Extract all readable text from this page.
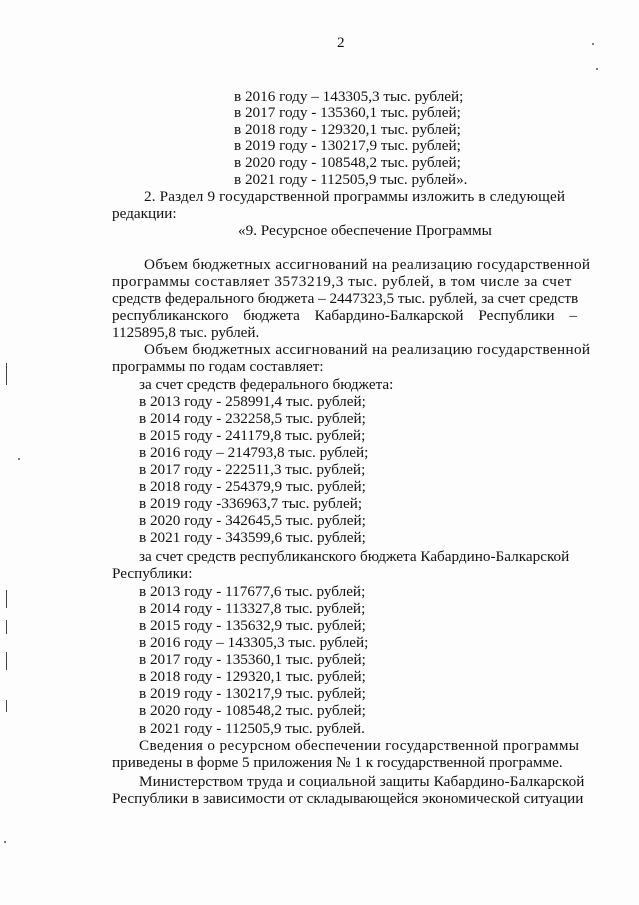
2
в 2016 году – 143305,3 тыс. рублей;
в 2017 году - 135360,1 тыс. рублей;
в 2018 году - 129320,1 тыс. рублей;
в 2019 году - 130217,9 тыс. рублей;
в 2020 году - 108548,2 тыс. рублей;
в 2021 году - 112505,9 тыс. рублей».
2. Раздел 9 государственной программы изложить в следующей
редакции:
«9. Ресурсное обеспечение Программы
Объем бюджетных ассигнований на реализацию государственной
программы составляет 3573219,3 тыс. рублей, в том числе за счет
средств федерального бюджета – 2447323,5 тыс. рублей, за счет средств
республиканского бюджета Кабардино-Балкарской Республики –
1125895,8 тыс. рублей.
Объем бюджетных ассигнований на реализацию государственной
программы по годам составляет:
за счет средств федерального бюджета:
в 2013 году - 258991,4 тыс. рублей;
в 2014 году - 232258,5 тыс. рублей;
в 2015 году - 241179,8 тыс. рублей;
в 2016 году – 214793,8 тыс. рублей;
в 2017 году - 222511,3 тыс. рублей;
в 2018 году - 254379,9 тыс. рублей;
в 2019 году -336963,7 тыс. рублей;
в 2020 году - 342645,5 тыс. рублей;
в 2021 году - 343599,6 тыс. рублей;
за счет средств республиканского бюджета Кабардино-Балкарской
Республики:
в 2013 году - 117677,6 тыс. рублей;
в 2014 году - 113327,8 тыс. рублей;
в 2015 году - 135632,9 тыс. рублей;
в 2016 году – 143305,3 тыс. рублей;
в 2017 году - 135360,1 тыс. рублей;
в 2018 году - 129320,1 тыс. рублей;
в 2019 году - 130217,9 тыс. рублей;
в 2020 году - 108548,2 тыс. рублей;
в 2021 году - 112505,9 тыс. рублей.
Сведения о ресурсном обеспечении государственной программы
приведены в форме 5 приложения № 1 к государственной программе.
Министерством труда и социальной защиты Кабардино-Балкарской
Республики в зависимости от складывающейся экономической ситуации
